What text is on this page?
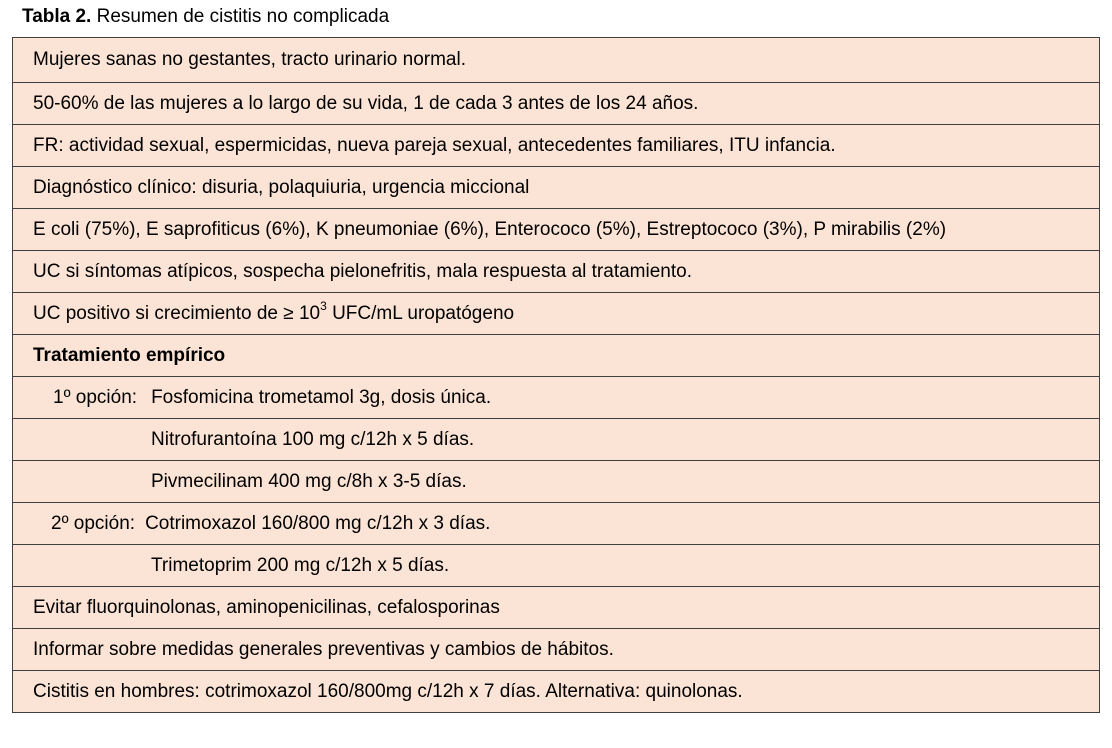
Tabla 2. Resumen de cistitis no complicada
Mujeres sanas no gestantes, tracto urinario normal.
50-60% de las mujeres a lo largo de su vida, 1 de cada 3 antes de los 24 años.
FR: actividad sexual, espermicidas, nueva pareja sexual, antecedentes familiares, ITU infancia.
Diagnóstico clínico: disuria, polaquiuria, urgencia miccional
E coli (75%), E saprofiticus (6%), K pneumoniae (6%), Enterococo (5%), Estreptococo (3%), P mirabilis (2%)
UC si síntomas atípicos, sospecha pielonefritis, mala respuesta al tratamiento.
UC positivo si crecimiento de ≥ $10^3$ UFC/mL uropatógeno
Tratamiento empírico
1º opción: Fosfomicina trometamol 3g, dosis única.
Nitrofurantoína 100 mg c/12h x 5 días.
Pivmecilinam 400 mg c/8h x 3-5 días.
2º opción: Cotrimoxazol 160/800 mg c/12h x 3 días.
Trimetoprim 200 mg c/12h x 5 días.
Evitar fluorquinolonas, aminopenicilinas, cefalosporinas
Informar sobre medidas generales preventivas y cambios de hábitos.
Cistitis en hombres: cotrimoxazol 160/800mg c/12h x 7 días. Alternativa: quinolonas.
